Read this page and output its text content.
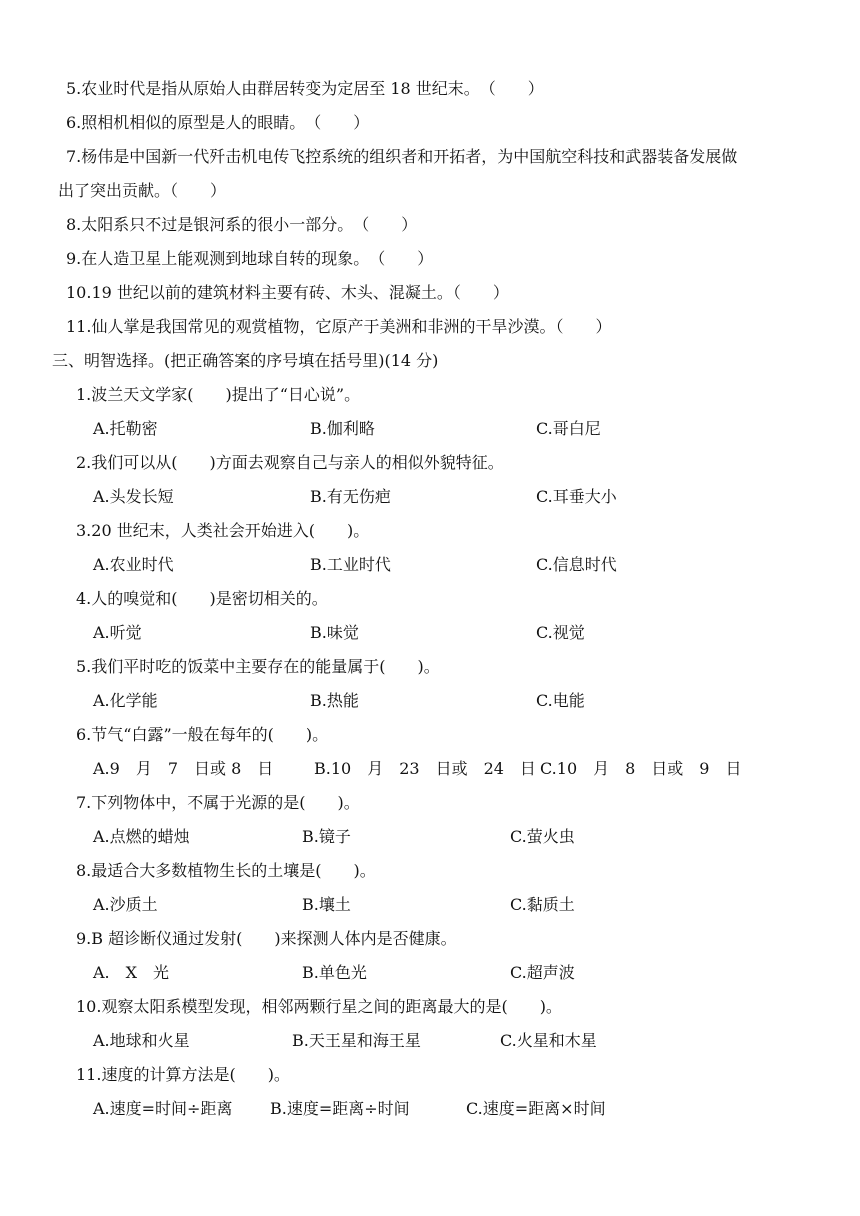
5.农业时代是指从原始人由群居转变为定居至 18 世纪末。　（　　）
6.照相机相似的原型是人的眼睛。　（　　）
7.杨伟是中国新一代歼击机电传飞控系统的组织者和开拓者，为中国航空科技和武器装备发展做
出了突出贡献。（　　）
8.太阳系只不过是银河系的很小一部分。　（　　）
9.在人造卫星上能观测到地球自转的现象。　（　　）
10.19 世纪以前的建筑材料主要有砖、木头、混凝土。（　　）
11.仙人掌是我国常见的观赏植物，它原产于美洲和非洲的干旱沙漠。（　　）
三、明智选择。(把正确答案的序号填在括号里)(14 分)
1.波兰天文学家(　　)提出了“日心说”。
A.托勒密	B.伽利略	C.哥白尼
2.我们可以从(　　)方面去观察自己与亲人的相似外貌特征。
A.头发长短	B.有无伤疤	C.耳垂大小
3.20 世纪末，人类社会开始进入(　　)。
A.农业时代	B.工业时代	C.信息时代
4.人的嗅觉和(　　)是密切相关的。
A.听觉	B.味觉	C.视觉
5.我们平时吃的饭菜中主要存在的能量属于(　　)。
A.化学能	B.热能	C.电能
6.节气“白露”一般在每年的(　　)。
A.9　月　7　日或 8　日	B.10　月　23　日或　24　日 C.10　月　8　日或　9　日
7.下列物体中，不属于光源的是(　　)。
A.点燃的蜡烛	B.镜子	C.萤火虫
8.最适合大多数植物生长的土壤是(　　)。
A.沙质土	B.壤土	C.黏质土
9.B 超诊断仪通过发射(　　)来探测人体内是否健康。
A.　X　光	B.单色光	C.超声波
10.观察太阳系模型发现，相邻两颗行星之间的距离最大的是(　　)。
A.地球和火星	B.天王星和海王星	C.火星和木星
11.速度的计算方法是(　　)。
A.速度=时间÷距离 B.速度=距离÷时间	C.速度=距离×时间
